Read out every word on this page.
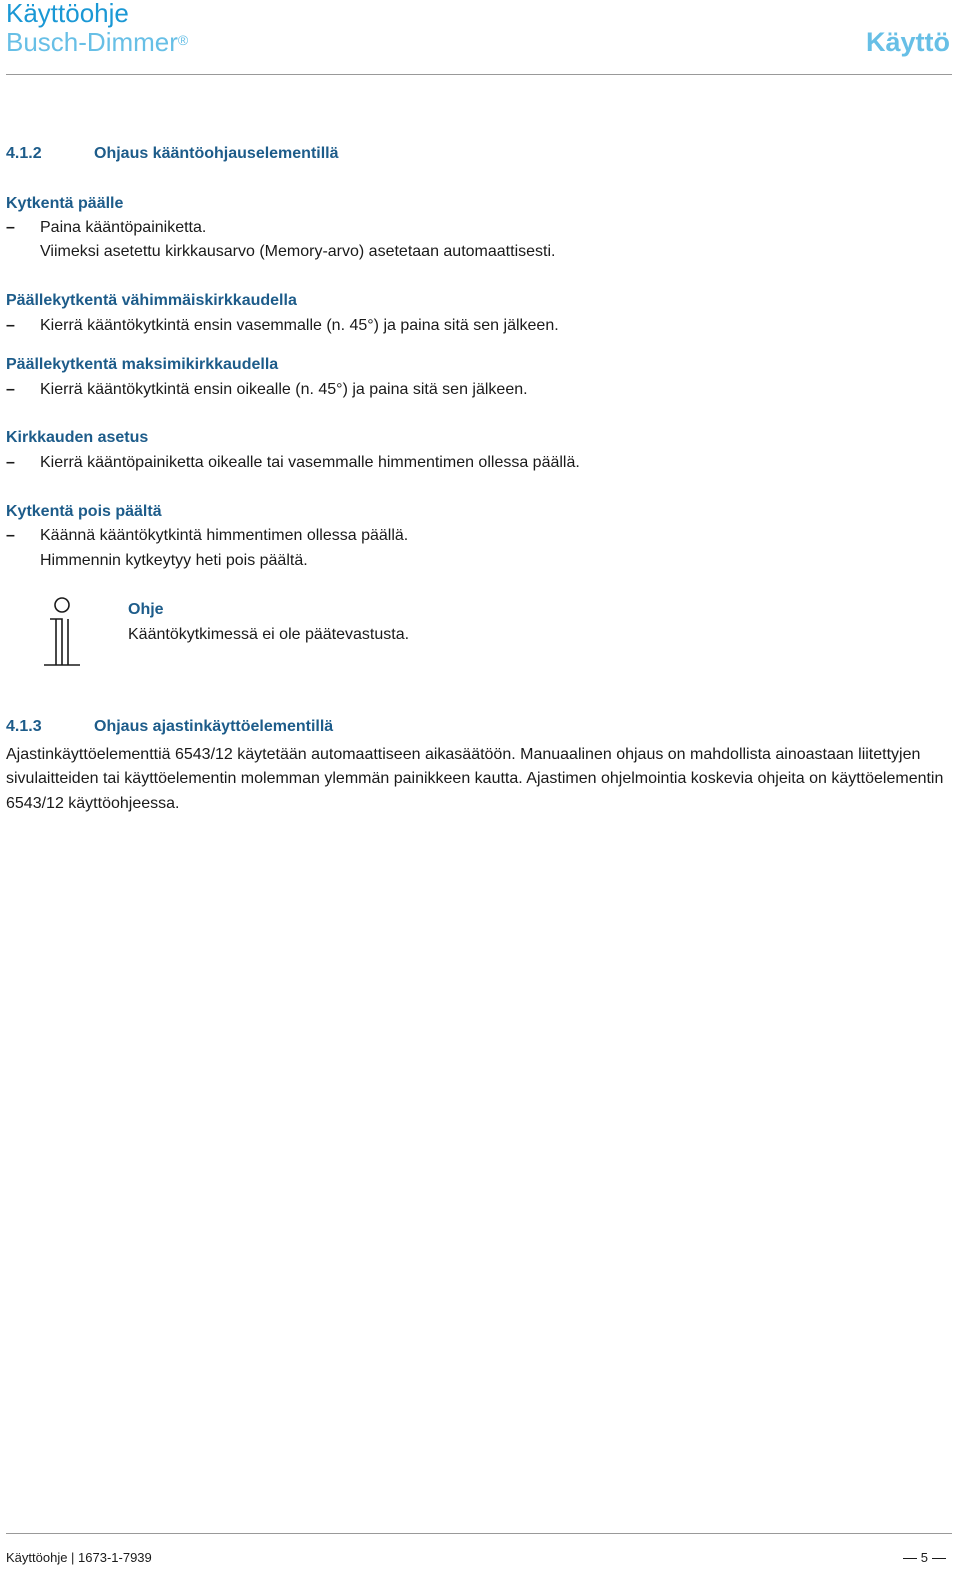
Käyttöohje
Busch-Dimmer®	Käyttö
4.1.2	Ohjaus kääntöohjauselementillä
Kytkentä päälle
– Paina kääntöpainiketta.
Viimeksi asetettu kirkkausarvo (Memory-arvo) asetetaan automaattisesti.
Päällekytkentä vähimmäiskirkkaudella
– Kierrä kääntökytkintä ensin vasemmalle (n. 45°) ja paina sitä sen jälkeen.
Päällekytkentä maksimikirkkaudella
– Kierrä kääntökytkintä ensin oikealle (n. 45°) ja paina sitä sen jälkeen.
Kirkkauden asetus
– Kierrä kääntöpainiketta oikealle tai vasemmalle himmentimen ollessa päällä.
Kytkentä pois päältä
– Käännä kääntökytkintä himmentimen ollessa päällä.
Himmennin kytkeytyy heti pois päältä.
Ohje
Kääntökytkimessä ei ole päätevastusta.
4.1.3	Ohjaus ajastinkäyttöelementillä
Ajastinkäyttöelementtiä 6543/12 käytetään automaattiseen aikasäätöön. Manuaalinen ohjaus on mahdollista ainoastaan liitettyjen sivulaitteiden tai käyttöelementin molemman ylemmän painikkeen kautta. Ajastimen ohjelmointia koskevia ohjeita on käyttöelementin 6543/12 käyttöohjeessa.
Käyttöohje | 1673-1-7939	5
